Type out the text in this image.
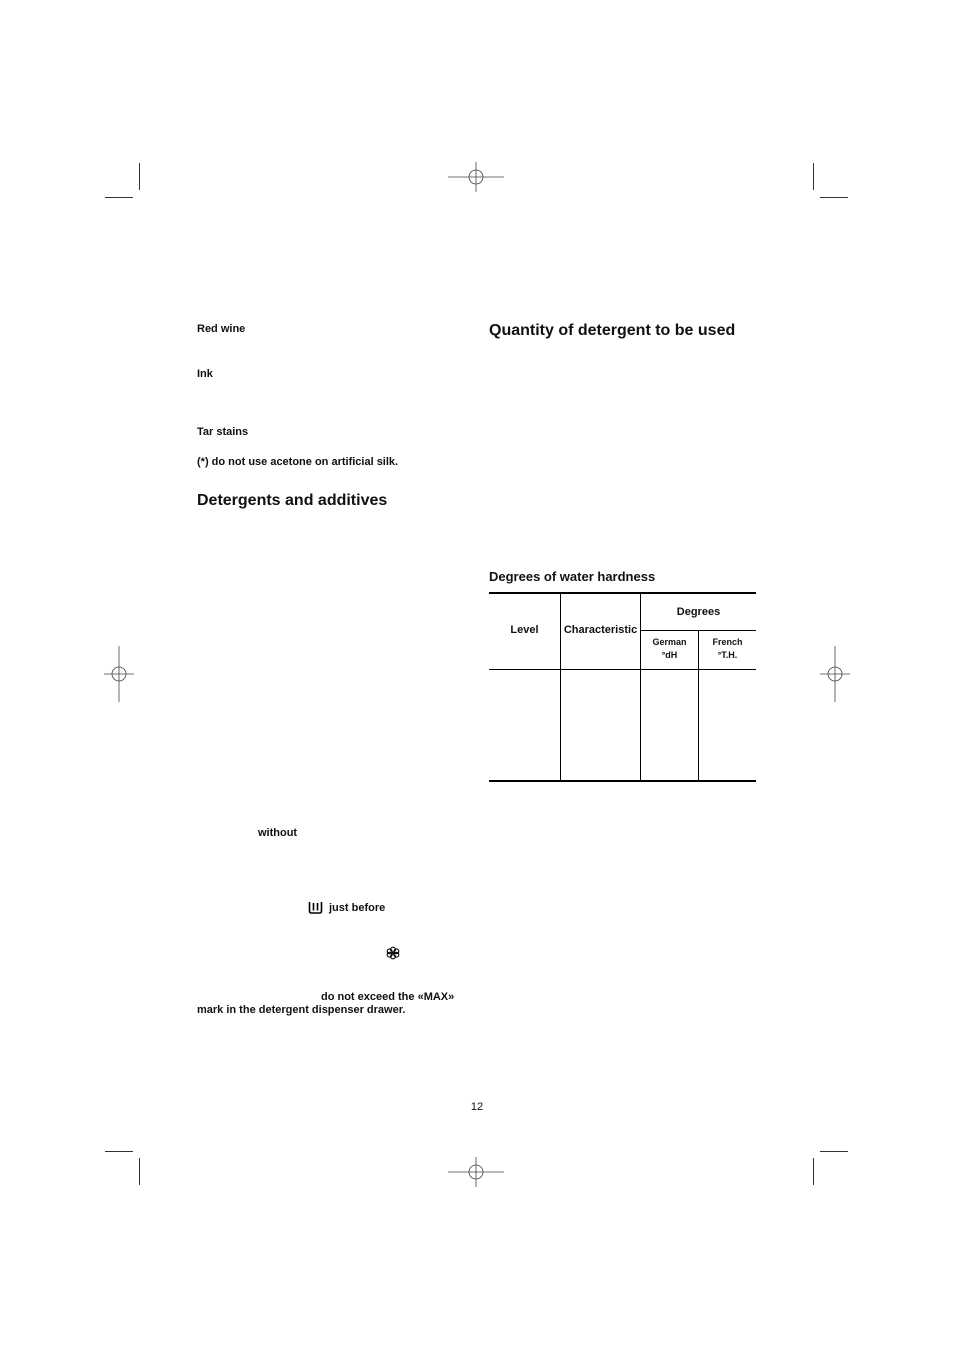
Red wine
Ink
Tar stains
(*) do not use acetone on artificial silk.
Detergents and additives
without
just before
do not exceed the «MAX»
mark in the detergent dispenser drawer.
Quantity of detergent to be used
Degrees of water hardness
Level	Characteristic
Degrees
German
°dH
French
°T.H.
12
